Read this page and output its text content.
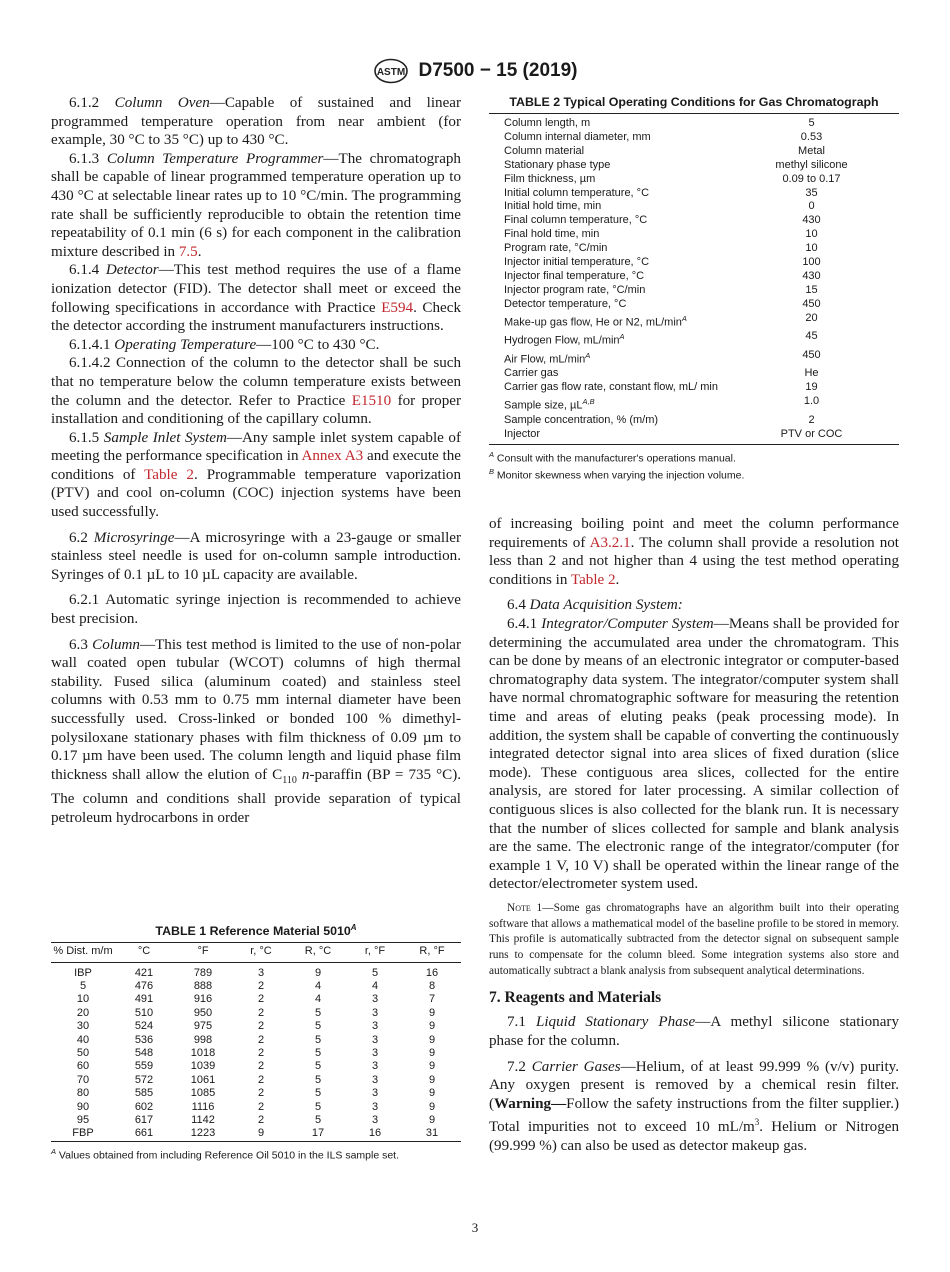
ASTM D7500 − 15 (2019)

6.1.2 Column Oven—Capable of sustained and linear programmed temperature operation from near ambient (for example, 30 °C to 35 °C) up to 430 °C.

6.1.3 Column Temperature Programmer—The chromatograph shall be capable of linear programmed temperature operation up to 430 °C at selectable linear rates up to 10 °C/min. The programming rate shall be sufficiently reproducible to obtain the retention time repeatability of 0.1 min (6 s) for each component in the calibration mixture described in 7.5.

6.1.4 Detector—This test method requires the use of a flame ionization detector (FID). The detector shall meet or exceed the following specifications in accordance with Practice E594. Check the detector according the instrument manufacturers instructions.

6.1.4.1 Operating Temperature—100 °C to 430 °C.

6.1.4.2 Connection of the column to the detector shall be such that no temperature below the column temperature exists between the column and the detector. Refer to Practice E1510 for proper installation and conditioning of the capillary column.

6.1.5 Sample Inlet System—Any sample inlet system capable of meeting the performance specification in Annex A3 and execute the conditions of Table 2. Programmable temperature vaporization (PTV) and cool on-column (COC) injection systems have been used successfully.

6.2 Microsyringe—A microsyringe with a 23-gauge or smaller stainless steel needle is used for on-column sample introduction. Syringes of 0.1 µL to 10 µL capacity are available.

6.2.1 Automatic syringe injection is recommended to achieve best precision.

6.3 Column—This test method is limited to the use of non-polar wall coated open tubular (WCOT) columns of high thermal stability. Fused silica (aluminum coated) and stainless steel columns with 0.53 mm to 0.75 mm internal diameter have been successfully used. Cross-linked or bonded 100 % dimethyl-polysiloxane stationary phases with film thickness of 0.09 µm to 0.17 µm have been used. The column length and liquid phase film thickness shall allow the elution of $C_{110}$ n-paraffin (BP = 735 °C). The column and conditions shall provide separation of typical petroleum hydrocarbons in order

TABLE 2 Typical Operating Conditions for Gas Chromatograph
Column length, m	5
Column internal diameter, mm	0.53
Column material	Metal
Stationary phase type	methyl silicone
Film thickness, µm	0.09 to 0.17
Initial column temperature, °C	35
Initial hold time, min	0
Final column temperature, °C	430
Final hold time, min	10
Program rate, °C/min	10
Injector initial temperature, °C	100
Injector final temperature, °C	430
Injector program rate, °C/min	15
Detector temperature, °C	450
Make-up gas flow, He or N2, $mL/\min^A$	20
Hydrogen Flow, $mL/\min^A$	45
Air Flow, $mL/\min^A$	450
Carrier gas	He
Carrier gas flow rate, constant flow, mL/ min	19
Sample size, µL$^{A,B}$	1.0
Sample concentration, % (m/m)	2
Injector	PTV or COC
$^A$ Consult with the manufacturer's operations manual.
$^B$ Monitor skewness when varying the injection volume.

of increasing boiling point and meet the column performance requirements of A3.2.1. The column shall provide a resolution not less than 2 and not higher than 4 using the test method operating conditions in Table 2.

6.4 Data Acquisition System:

6.4.1 Integrator/Computer System—Means shall be provided for determining the accumulated area under the chromatogram. This can be done by means of an electronic integrator or computer-based chromatography data system. The integrator/computer system shall have normal chromatographic software for measuring the retention time and areas of eluting peaks (peak processing mode). In addition, the system shall be capable of converting the continuously integrated detector signal into area slices of fixed duration (slice mode). These contiguous area slices, collected for the entire analysis, are stored for later processing. A similar collection of contiguous slices is also collected for the blank run. It is necessary that the number of slices collected for sample and blank analysis are the same. The electronic range of the integrator/computer (for example 1 V, 10 V) shall be operated within the linear range of the detector/electrometer system used.

Note 1—Some gas chromatographs have an algorithm built into their operating software that allows a mathematical model of the baseline profile to be stored in memory. This profile is automatically subtracted from the detector signal on subsequent sample runs to compensate for the column bleed. Some integration systems also store and automatically subtract a blank analysis from subsequent analytical determinations.

7. Reagents and Materials

7.1 Liquid Stationary Phase—A methyl silicone stationary phase for the column.

7.2 Carrier Gases—Helium, of at least 99.999 % (v/v) purity. Any oxygen present is removed by a chemical resin filter. (Warning—Follow the safety instructions from the filter supplier.) Total impurities not to exceed 10 $mL/m^3$. Helium or Nitrogen (99.999 %) can also be used as detector makeup gas.

TABLE 1 Reference Material $5010^A$
% Dist. m/m	°C	°F	r, °C	R, °C	r, °F	R, °F
IBP	421	789	3	9	5	16
5	476	888	2	4	4	8
10	491	916	2	4	3	7
20	510	950	2	5	3	9
30	524	975	2	5	3	9
40	536	998	2	5	3	9
50	548	1018	2	5	3	9
60	559	1039	2	5	3	9
70	572	1061	2	5	3	9
80	585	1085	2	5	3	9
90	602	1116	2	5	3	9
95	617	1142	2	5	3	9
FBP	661	1223	9	17	16	31
$^A$ Values obtained from including Reference Oil 5010 in the ILS sample set.
3
